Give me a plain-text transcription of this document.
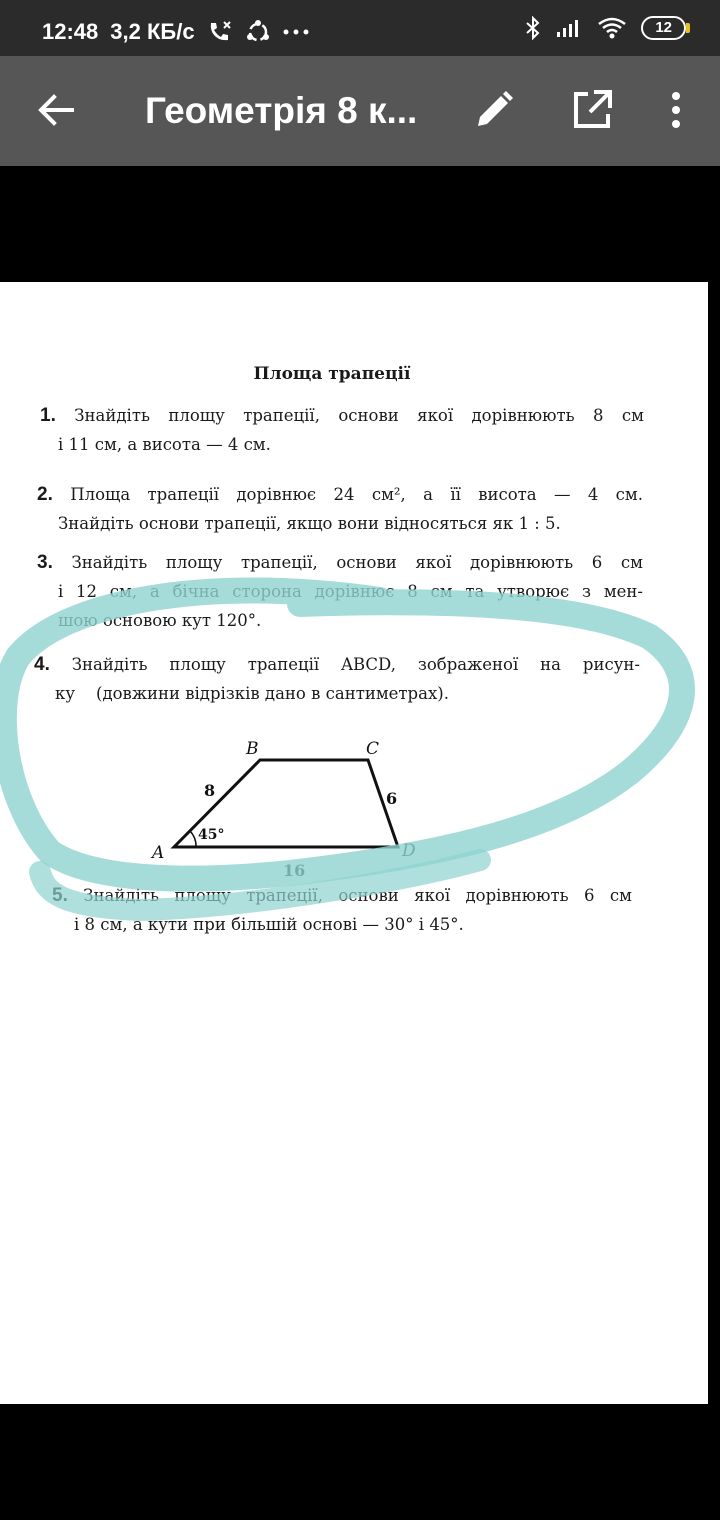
12:48 3,2 КБ/с	12
Геометрія 8 к...
Площа трапеції
1. Знайдіть площу трапеції, основи якої дорівнюють 8 см
і 11 см, а висота — 4 см.
2. Площа трапеції дорівнює 24 см², а її висота — 4 см.
Знайдіть основи трапеції, якщо вони відносяться як 1 : 5.
3. Знайдіть площу трапеції, основи якої дорівнюють 6 см
і 12 см, а бічна сторона дорівнює 8 см та утворює з мен-
шою основою кут 120°.
4. Знайдіть площу трапеції ABCD, зображеної на рисун-
ку    (довжини відрізків дано в сантиметрах).
A
B	C
D
8	6
16
45°
5. Знайдіть площу трапеції, основи якої дорівнюють 6 см
і 8 см, а кути при більшій основі — 30° і 45°.
